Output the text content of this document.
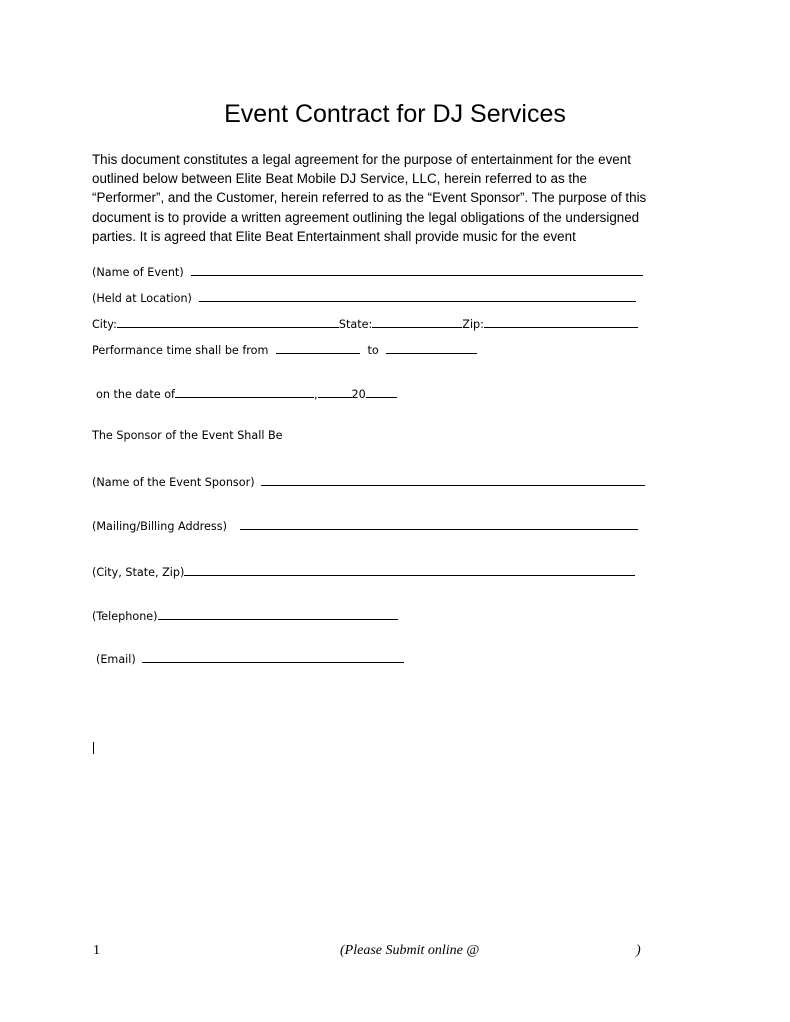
Event Contract for DJ Services
This document constitutes a legal agreement for the purpose of entertainment for the event
outlined below between Elite Beat Mobile DJ Service, LLC, herein referred to as the
“Performer”, and the Customer, herein referred to as the “Event Sponsor”. The purpose of this
document is to provide a written agreement outlining the legal obligations of the undersigned
parties. It is agreed that Elite Beat Entertainment shall provide music for the event
(Name of Event)
(Held at Location)
City:	State:	Zip:
Performance time shall be from	to
on the date of	,	20
The Sponsor of the Event Shall Be
(Name of the Event Sponsor)
(Mailing/Billing Address)
(City, State, Zip)
(Telephone)
(Email)
1	(Please Submit online @	)
